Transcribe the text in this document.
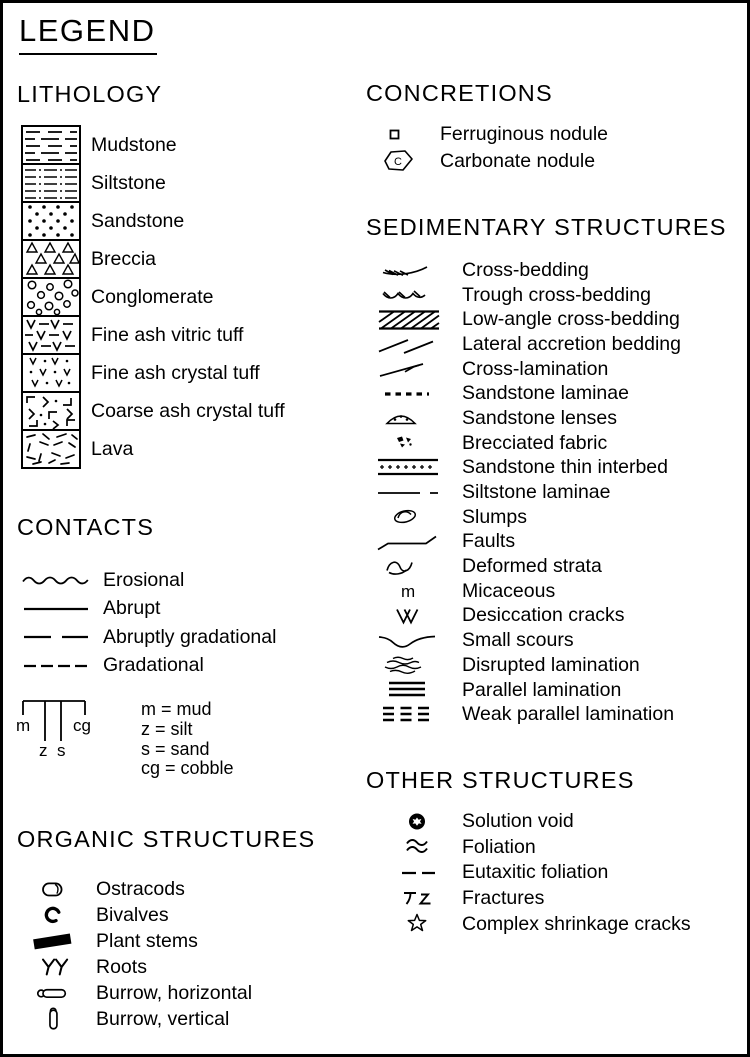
LEGEND
LITHOLOGY
Mudstone
Siltstone
Sandstone
Breccia
Conglomerate
Fine ash vitric tuff
Fine ash crystal tuff
Coarse ash crystal tuff
Lava
CONTACTS
Erosional
Abrupt
Abruptly gradational
Gradational
m	cg
z s
m = mud
z = silt
s = sand
cg = cobble
ORGANIC STRUCTURES
Ostracods
Bivalves
Plant stems
Roots
Burrow, horizontal
Burrow, vertical
CONCRETIONS
Ferruginous nodule
C Carbonate nodule
SEDIMENTARY STRUCTURES
Cross-bedding
Trough cross-bedding
Low-angle cross-bedding
Lateral accretion bedding
Cross-lamination
Sandstone laminae
Sandstone lenses
Brecciated fabric
Sandstone thin interbed
Siltstone laminae
Slumps
Faults
Deformed strata
m Micaceous
Desiccation cracks
Small scours
Disrupted lamination
Parallel lamination
Weak parallel lamination
OTHER STRUCTURES
Solution void
Foliation
Eutaxitic foliation
Fractures
Complex shrinkage cracks
